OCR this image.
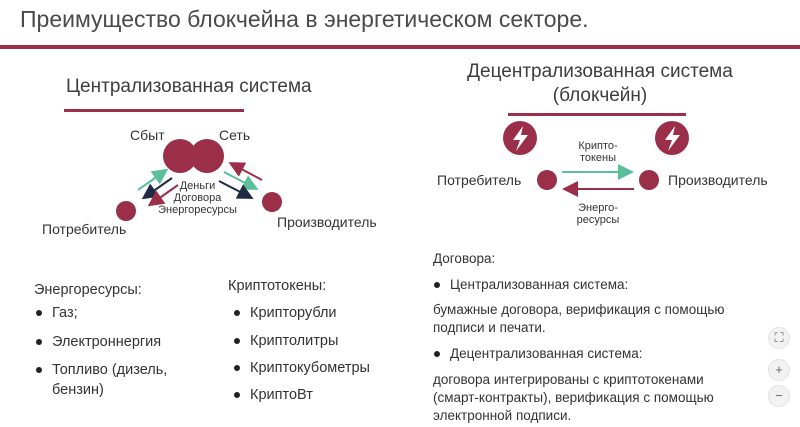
Преимущество блокчейна в энергетическом секторе.
Централизованная система
Децентрализованная система
(блокчейн)
Сбыт	Сеть
Потребитель	Производитель
Деньги
Договора
Энергоресурсы
Потребитель	Производитель
Крипто-
токены
Энерго-
ресурсы
Энергоресурсы:
Газ;
Электроннергия
Топливо (дизель, бензин)
Криптотокены:
Крипторубли
Криптолитры
Криптокубометры
КриптоВт
Договора:
Централизованная система:
бумажные договора, верификация с помощью подписи и печати.
Децентрализованная система:
договора интегрированы с криптотокенами (смарт-контракты), верификация с помощью электронной подписи.
⛶
+
−
